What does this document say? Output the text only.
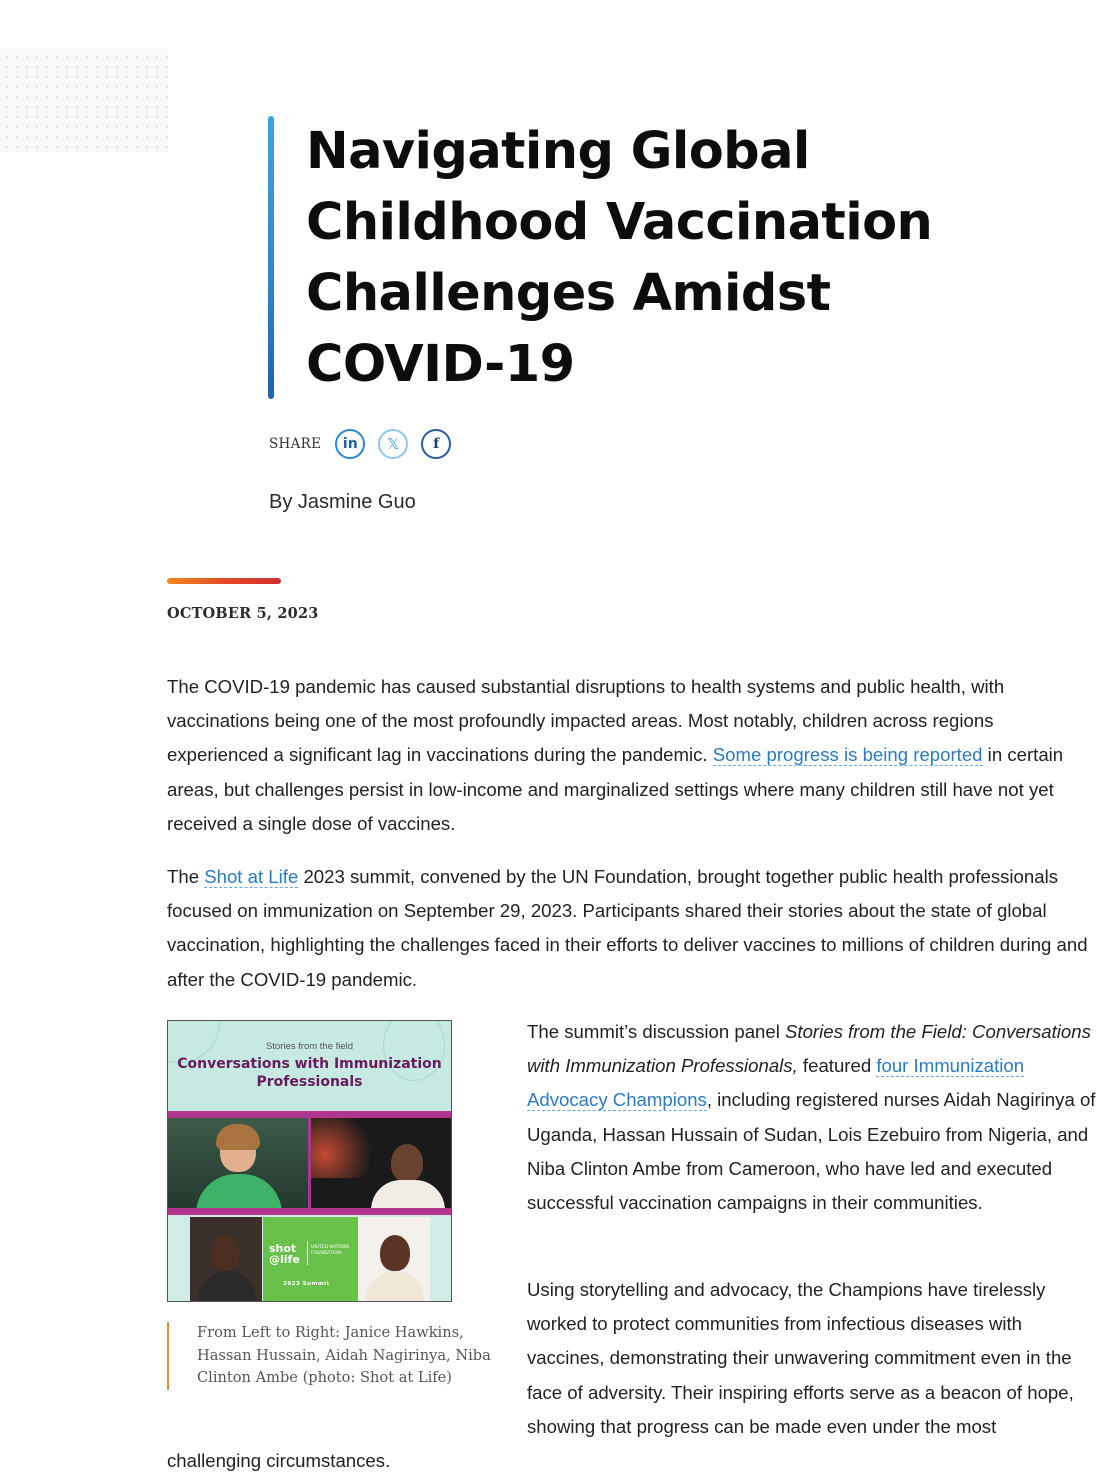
Navigating Global Childhood Vaccination Challenges Amidst COVID-19
SHARE	in	𝕏	f
By Jasmine Guo
OCTOBER 5, 2023

The COVID-19 pandemic has caused substantial disruptions to health systems and public health, with vaccinations being one of the most profoundly impacted areas. Most notably, children across regions experienced a significant lag in vaccinations during the pandemic. Some progress is being reported in certain areas, but challenges persist in low-income and marginalized settings where many children still have not yet received a single dose of vaccines.

The Shot at Life 2023 summit, convened by the UN Foundation, brought together public health professionals focused on immunization on September 29, 2023. Participants shared their stories about the state of global vaccination, highlighting the challenges faced in their efforts to deliver vaccines to millions of children during and after the COVID-19 pandemic.

Stories from the field
Conversations with Immunization Professionals
shot @life
UNITED NATIONS FOUNDATION
2023 Summit
From Left to Right: Janice Hawkins, Hassan Hussain, Aidah Nagirinya, Niba Clinton Ambe (photo: Shot at Life)

The summit’s discussion panel Stories from the Field: Conversations with Immunization Professionals, featured four Immunization Advocacy Champions, including registered nurses Aidah Nagirinya of Uganda, Hassan Hussain of Sudan, Lois Ezebuiro from Nigeria, and Niba Clinton Ambe from Cameroon, who have led and executed successful vaccination campaigns in their communities.

Using storytelling and advocacy, the Champions have tirelessly worked to protect communities from infectious diseases with vaccines, demonstrating their unwavering commitment even in the face of adversity. Their inspiring efforts serve as a beacon of hope, showing that progress can be made even under the most

challenging circumstances.
